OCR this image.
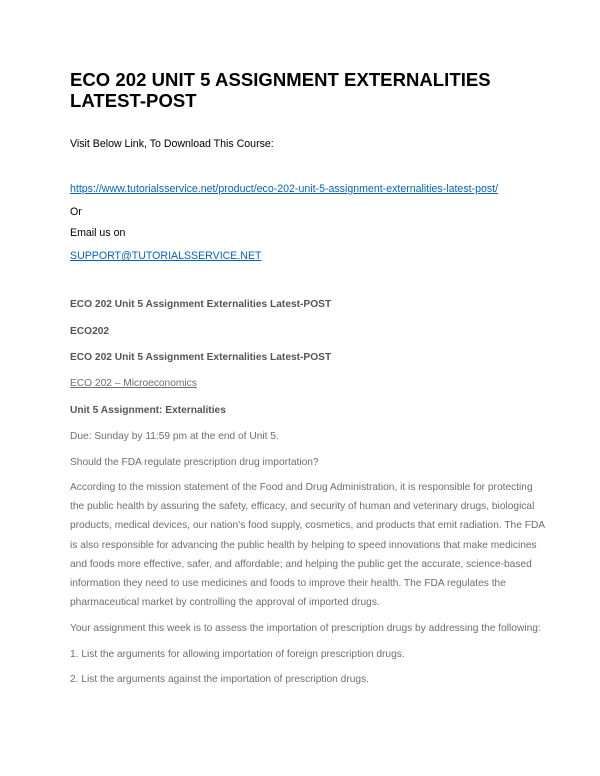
ECO 202 UNIT 5 ASSIGNMENT EXTERNALITIES LATEST-POST

Visit Below Link, To Download This Course:

https://www.tutorialsservice.net/product/eco-202-unit-5-assignment-externalities-latest-post/

Or

Email us on

SUPPORT@TUTORIALSSERVICE.NET

ECO 202 Unit 5 Assignment Externalities Latest-POST

ECO202

ECO 202 Unit 5 Assignment Externalities Latest-POST

ECO 202 – Microeconomics

Unit 5 Assignment: Externalities

Due: Sunday by 11:59 pm at the end of Unit 5.

Should the FDA regulate prescription drug importation?

According to the mission statement of the Food and Drug Administration, it is responsible for protecting
the public health by assuring the safety, efficacy, and security of human and veterinary drugs, biological
products, medical devices, our nation’s food supply, cosmetics, and products that emit radiation. The FDA
is also responsible for advancing the public health by helping to speed innovations that make medicines
and foods more effective, safer, and affordable; and helping the public get the accurate, science-based
information they need to use medicines and foods to improve their health. The FDA regulates the
pharmaceutical market by controlling the approval of imported drugs.

Your assignment this week is to assess the importation of prescription drugs by addressing the following:

1. List the arguments for allowing importation of foreign prescription drugs.

2. List the arguments against the importation of prescription drugs.
